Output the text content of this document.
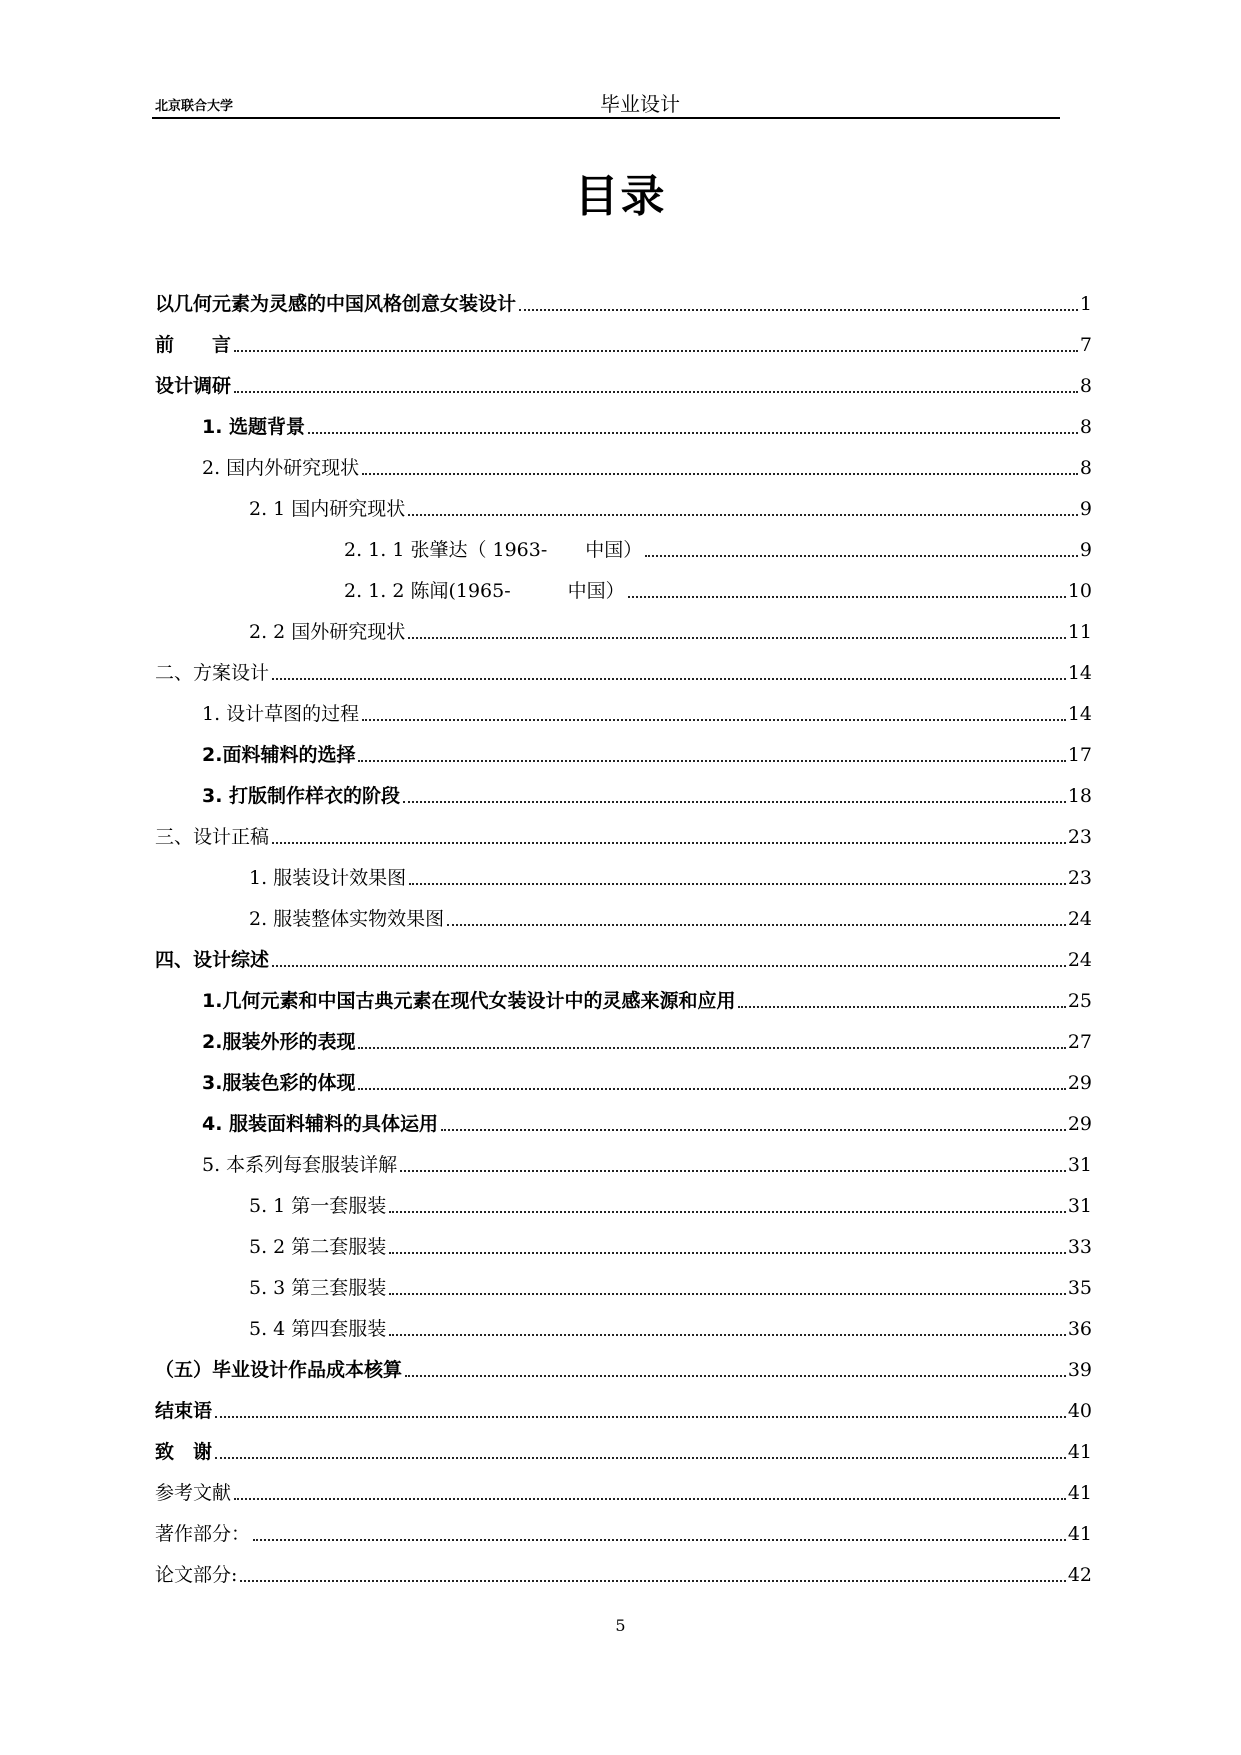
北京联合大学	毕业设计
目录
以几何元素为灵感的中国风格创意女装设计	1
前　　言	7
设计调研	8
1. 选题背景	8
2. 国内外研究现状	8
2. 1 国内研究现状	9
2. 1. 1 张肇达（ 1963-　　中国）	9
2. 1. 2 陈闻(1965-　　　中国）	10
2. 2 国外研究现状	11
二、方案设计	14
1. 设计草图的过程	14
2.面料辅料的选择	17
3. 打版制作样衣的阶段	18
三、设计正稿	23
1. 服装设计效果图	23
2. 服装整体实物效果图	24
四、设计综述	24
1.几何元素和中国古典元素在现代女装设计中的灵感来源和应用	25
2.服装外形的表现	27
3.服装色彩的体现	29
4. 服装面料辅料的具体运用	29
5. 本系列每套服装详解	31
5. 1 第一套服装	31
5. 2 第二套服装	33
5. 3 第三套服装	35
5. 4 第四套服装	36
（五）毕业设计作品成本核算	39
结束语	40
致　谢	41
参考文献	41
著作部分：	41
论文部分:	42
5
